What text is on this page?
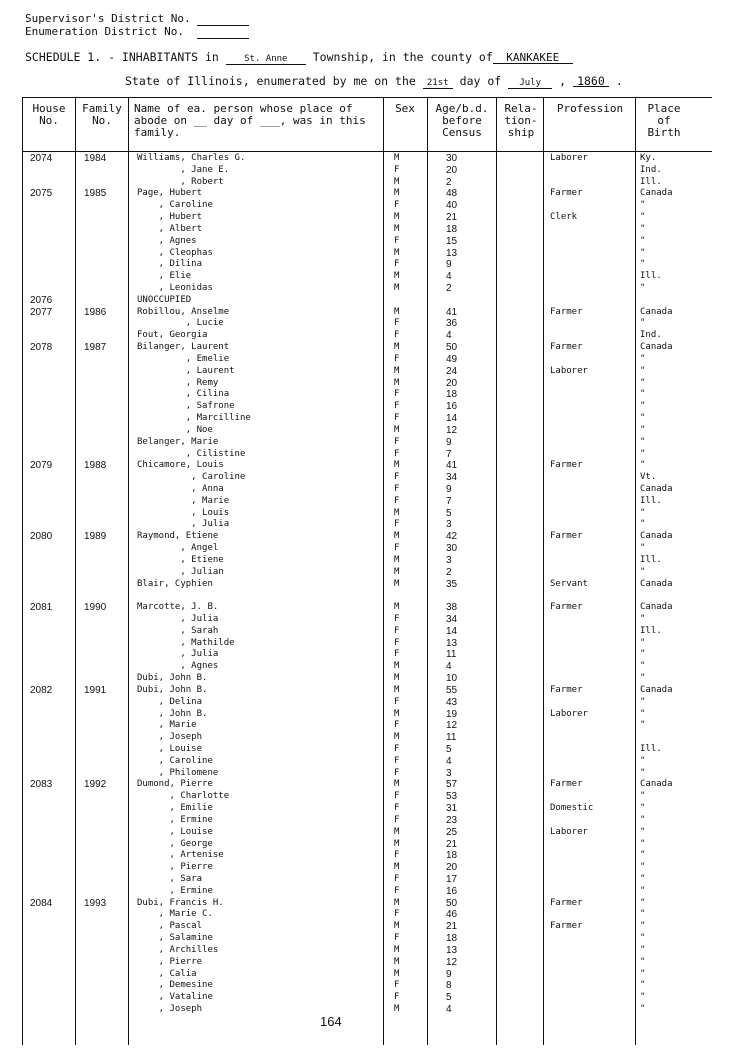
Supervisor's District No.
Enumeration District No.
SCHEDULE 1. - INHABITANTS in	St. Anne Township, in the county of KANKAKEE
State of Illinois, enumerated by me on the 21st day of July , 1860 .
House No.
Family No.
Name of ea. person whose place of abode on __ day of ___, was in this family.
Sex	Age/b.d. before Census
Rela-tion-ship
Profession	Place of Birth
2074	1984	Williams, Charles G.	M	30	Laborer	Ky.
, Jane E.	F	20	Ind.
, Robert	M	2	Ill.
2075	1985	Page, Hubert	M	48	Farmer	Canada
, Caroline	F	40	"
, Hubert	M	21	Clerk	"
, Albert	M	18	"
, Agnes	F	15	"
, Cleophas	M	13	"
, Dilina	F	9	"
, Elie	M	4	Ill.
, Leonidas	M	2	"
2076	UNOCCUPIED
2077	1986	Robillou, Anselme	M	41	Farmer	Canada
, Lucie	F	36	"
Fout, Georgia	F	4	Ind.
2078	1987	Bilanger, Laurent	M	50	Farmer	Canada
, Emelie	F	49	"
, Laurent	M	24	Laborer	"
, Remy	M	20	"
, Cilina	F	18	"
, Safrone	F	16	"
, Marcilline	F	14	"
, Noe	M	12	"
Belanger, Marie	F	9	"
, Cilistine	F	7	"
2079	1988	Chicamore, Louis	M	41	Farmer	"
, Caroline	F	34	Vt.
, Anna	F	9	Canada
, Marie	F	7	Ill.
, Louis	M	5	"
, Julia	F	3	"
2080	1989	Raymond, Etiene	M	42	Farmer	Canada
, Angel	F	30	"
, Etiene	M	3	Ill.
, Julian	M	2	"
Blair, Cyphien	M	35	Servant	Canada
2081	1990	Marcotte, J. B.	M	38	Farmer	Canada
, Julia	F	34	"
, Sarah	F	14	Ill.
, Mathilde	F	13	"
, Julia	F	11	"
, Agnes	M	4	"
Dubi, John B.	M	10	"
2082	1991	Dubi, John B.	M	55	Farmer	Canada
, Delina	F	43	"
, John B.	M	19	Laborer	"
, Marie	F	12	"
, Joseph	M	11
, Louise	F	5	Ill.
, Caroline	F	4	"
, Philomene	F	3	"
2083	1992	Dumond, Pierre	M	57	Farmer	Canada
, Charlotte	F	53	"
, Emilie	F	31	Domestic	"
, Ermine	F	23	"
, Louise	M	25	Laborer	"
, George	M	21	"
, Artenise	F	18	"
, Pierre	M	20	"
, Sara	F	17	"
, Ermine	F	16	"
2084	1993	Dubi, Francis H.	M	50	Farmer	"
, Marie C.	F	46	"
, Pascal	M	21	Farmer	"
, Salamine	F	18	"
, Archilles	M	13	"
, Pierre	M	12	"
, Calia	M	9	"
, Demesine	F	8	"
, Vataline	F	5	"
, Joseph	M	4	"
164
